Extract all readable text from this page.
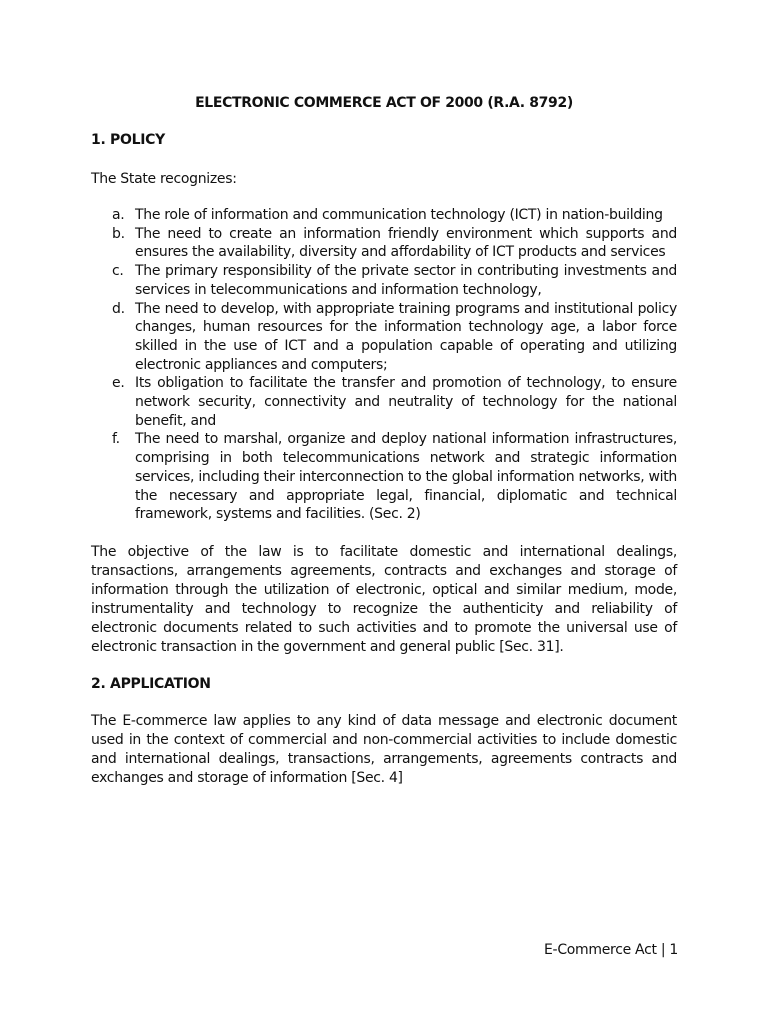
ELECTRONIC COMMERCE ACT OF 2000 (R.A. 8792)
1. POLICY

The State recognizes:

a. The role of information and communication technology (ICT) in nation-building
b. The need to create an information friendly environment which supports and ensures the availability, diversity and affordability of ICT products and services
c. The primary responsibility of the private sector in contributing investments and services in telecommunications and information technology,
d. The need to develop, with appropriate training programs and institutional policy changes, human resources for the information technology age, a labor force skilled in the use of ICT and a population capable of operating and utilizing electronic appliances and computers;
e. Its obligation to facilitate the transfer and promotion of technology, to ensure network security, connectivity and neutrality of technology for the national benefit, and
f. The need to marshal, organize and deploy national information infrastructures, comprising in both telecommunications network and strategic information services, including their interconnection to the global information networks, with the necessary and appropriate legal, financial, diplomatic and technical framework, systems and facilities. (Sec. 2)

The objective of the law is to facilitate domestic and international dealings, transactions, arrangements agreements, contracts and exchanges and storage of information through the utilization of electronic, optical and similar medium, mode, instrumentality and technology to recognize the authenticity and reliability of electronic documents related to such activities and to promote the universal use of electronic transaction in the government and general public [Sec. 31].

2. APPLICATION

The E-commerce law applies to any kind of data message and electronic document used in the context of commercial and non-commercial activities to include domestic and international dealings, transactions, arrangements, agreements contracts and exchanges and storage of information [Sec. 4]

E-Commerce Act | 1
